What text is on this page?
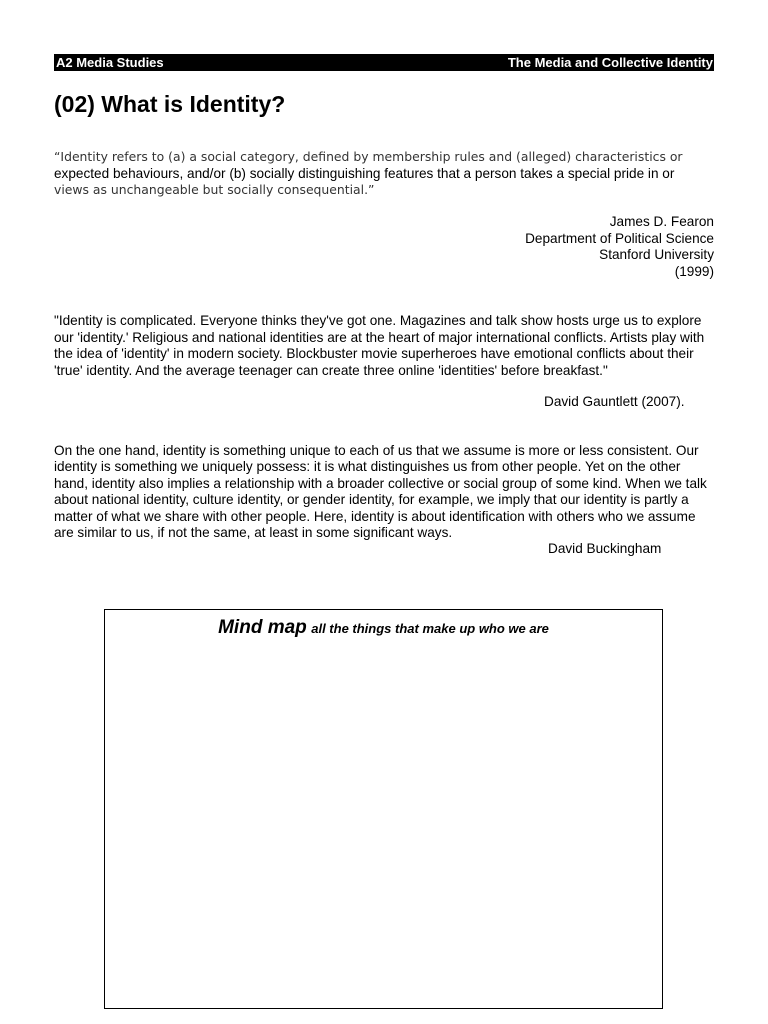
A2 Media Studies	The Media and Collective Identity
(02) What is Identity?
“Identity refers to (a) a social category, defined by membership rules and (alleged) characteristics or
expected behaviours, and/or (b) socially distinguishing features that a person takes a special pride in or
views as unchangeable but socially consequential.”
James D. Fearon
Department of Political Science
Stanford University
(1999)
"Identity is complicated. Everyone thinks they've got one. Magazines and talk show hosts urge us to explore our 'identity.' Religious and national identities are at the heart of major international conflicts. Artists play with the idea of 'identity' in modern society. Blockbuster movie superheroes have emotional conflicts about their 'true' identity. And the average teenager can create three online 'identities' before breakfast."
David Gauntlett (2007).
On the one hand, identity is something unique to each of us that we assume is more or less consistent. Our identity is something we uniquely possess: it is what distinguishes us from other people. Yet on the other hand, identity also implies a relationship with a broader collective or social group of some kind. When we talk about national identity, culture identity, or gender identity, for example, we imply that our identity is partly a matter of what we share with other people. Here, identity is about identification with others who we assume are similar to us, if not the same, at least in some significant ways.
David Buckingham
Mind map all the things that make up who we are
